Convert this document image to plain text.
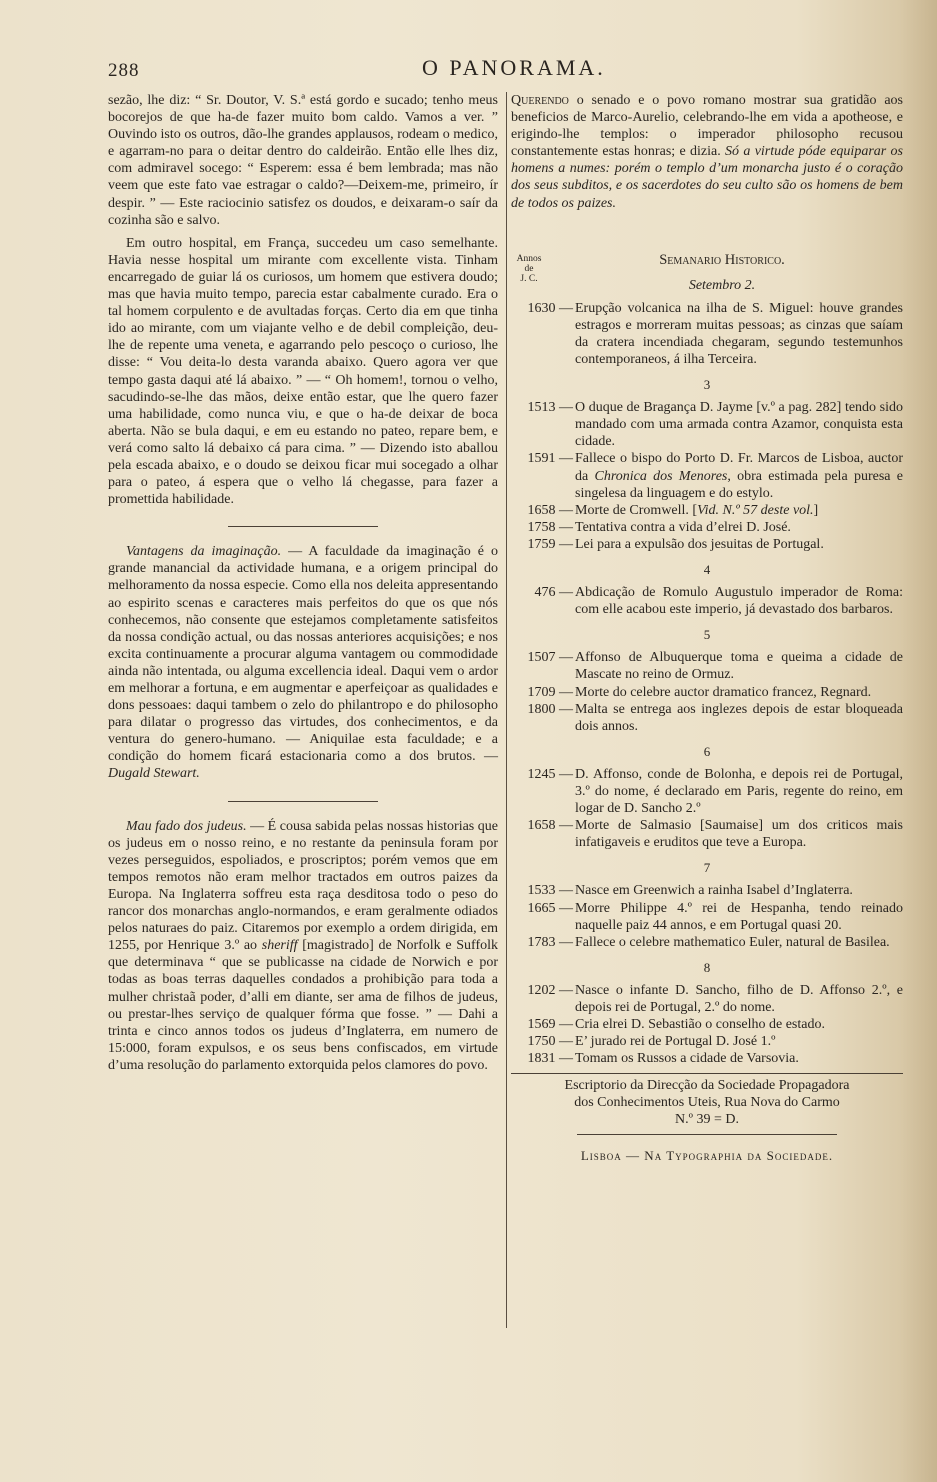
288	O PANORAMA.

sezão, lhe diz: “ Sr. Doutor, V. S.ª está gordo e sucado; tenho meus bocorejos de que ha-de fazer muito bom caldo. Vamos a ver. ” Ouvindo isto os outros, dão-lhe grandes applausos, rodeam o medico, e agarram-no para o deitar dentro do caldeirão. Então elle lhes diz, com admiravel socego: “ Esperem: essa é bem lembrada; mas não veem que este fato vae estragar o caldo?—Deixem-me, primeiro, ír despir. ” — Este raciocinio satisfez os doudos, e deixaram-o saír da cozinha são e salvo.

Em outro hospital, em França, succedeu um caso semelhante. Havia nesse hospital um mirante com excellente vista. Tinham encarregado de guiar lá os curiosos, um homem que estivera doudo; mas que havia muito tempo, parecia estar cabalmente curado. Era o tal homem corpulento e de avultadas forças. Certo dia em que tinha ido ao mirante, com um viajante velho e de debil compleição, deu-lhe de repente uma veneta, e agarrando pelo pescoço o curioso, lhe disse: “ Vou deita-lo desta varanda abaixo. Quero agora ver que tempo gasta daqui até lá abaixo. ” — “ Oh homem!, tornou o velho, sacudindo-se-lhe das mãos, deixe então estar, que lhe quero fazer uma habilidade, como nunca viu, e que o ha-de deixar de boca aberta. Não se bula daqui, e em eu estando no pateo, repare bem, e verá como salto lá debaixo cá para cima. ” — Dizendo isto aballou pela escada abaixo, e o doudo se deixou ficar mui socegado a olhar para o pateo, á espera que o velho lá chegasse, para fazer a promettida habilidade.

Vantagens da imaginação. — A faculdade da imaginação é o grande manancial da actividade humana, e a origem principal do melhoramento da nossa especie. Como ella nos deleita appresentando ao espirito scenas e caracteres mais perfeitos do que os que nós conhecemos, não consente que estejamos completamente satisfeitos da nossa condição actual, ou das nossas anteriores acquisições; e nos excita continuamente a procurar alguma vantagem ou commodidade ainda não intentada, ou alguma excellencia ideal. Daqui vem o ardor em melhorar a fortuna, e em augmentar e aperfeiçoar as qualidades e dons pessoaes: daqui tambem o zelo do philantropo e do philosopho para dilatar o progresso das virtudes, dos conhecimentos, e da ventura do genero-humano. — Aniquilae esta faculdade; e a condição do homem ficará estacionaria como a dos brutos. — Dugald Stewart.

Mau fado dos judeus. — É cousa sabida pelas nossas historias que os judeus em o nosso reino, e no restante da peninsula foram por vezes perseguidos, espoliados, e proscriptos; porém vemos que em tempos remotos não eram melhor tractados em outros paizes da Europa. Na Inglaterra soffreu esta raça desditosa todo o peso do rancor dos monarchas anglo-normandos, e eram geralmente odiados pelos naturaes do paiz. Citaremos por exemplo a ordem dirigida, em 1255, por Henrique 3.º ao sheriff [magistrado] de Norfolk e Suffolk que determinava “ que se publicasse na cidade de Norwich e por todas as boas terras daquelles condados a prohibição para toda a mulher christaã poder, d’alli em diante, ser ama de filhos de judeus, ou prestar-lhes serviço de qualquer fórma que fosse. ” — Dahi a trinta e cinco annos todos os judeus d’Inglaterra, em numero de 15:000, foram expulsos, e os seus bens confiscados, em virtude d’uma resolução do parlamento extorquida pelos clamores do povo.

Querendo o senado e o povo romano mostrar sua gratidão aos beneficios de Marco-Aurelio, celebrando-lhe em vida a apotheose, e erigindo-lhe templos: o imperador philosopho recusou constantemente estas honras; e dizia. Só a virtude póde equiparar os homens a numes: porém o templo d’um monarcha justo é o coração dos seus subditos, e os sacerdotes do seu culto são os homens de bem de todos os paizes.

Annos
de
J. C.
Semanario Historico.
Setembro 2.
1630 — Erupção volcanica na ilha de S. Miguel: houve grandes estragos e morreram muitas pessoas; as cinzas que saíam da cratera incendiada chegaram, segundo testemunhos contemporaneos, á ilha Terceira.
3
1513 — O duque de Bragança D. Jayme [v.º a pag. 282] tendo sido mandado com uma armada contra Azamor, conquista esta cidade.
1591 — Fallece o bispo do Porto D. Fr. Marcos de Lisboa, auctor da Chronica dos Menores, obra estimada pela puresa e singelesa da linguagem e do estylo.
1658 — Morte de Cromwell. [Vid. N.º 57 deste vol.]
1758 — Tentativa contra a vida d’elrei D. José.
1759 — Lei para a expulsão dos jesuitas de Portugal.
4
476 — Abdicação de Romulo Augustulo imperador de Roma: com elle acabou este imperio, já devastado dos barbaros.
5
1507 — Affonso de Albuquerque toma e queima a cidade de Mascate no reino de Ormuz.
1709 — Morte do celebre auctor dramatico francez, Regnard.
1800 — Malta se entrega aos inglezes depois de estar bloqueada dois annos.
6
1245 — D. Affonso, conde de Bolonha, e depois rei de Portugal, 3.º do nome, é declarado em Paris, regente do reino, em logar de D. Sancho 2.º
1658 — Morte de Salmasio [Saumaise] um dos criticos mais infatigaveis e eruditos que teve a Europa.
7
1533 — Nasce em Greenwich a rainha Isabel d’Inglaterra.
1665 — Morre Philippe 4.º rei de Hespanha, tendo reinado naquelle paiz 44 annos, e em Portugal quasi 20.
1783 — Fallece o celebre mathematico Euler, natural de Basilea.
8
1202 — Nasce o infante D. Sancho, filho de D. Affonso 2.º, e depois rei de Portugal, 2.º do nome.
1569 — Cria elrei D. Sebastião o conselho de estado.
1750 — E’ jurado rei de Portugal D. José 1.º
1831 — Tomam os Russos a cidade de Varsovia.
Escriptorio da Direcção da Sociedade Propagadora
dos Conhecimentos Uteis, Rua Nova do Carmo
N.º 39 = D.
Lisboa — Na Typographia da Sociedade.
